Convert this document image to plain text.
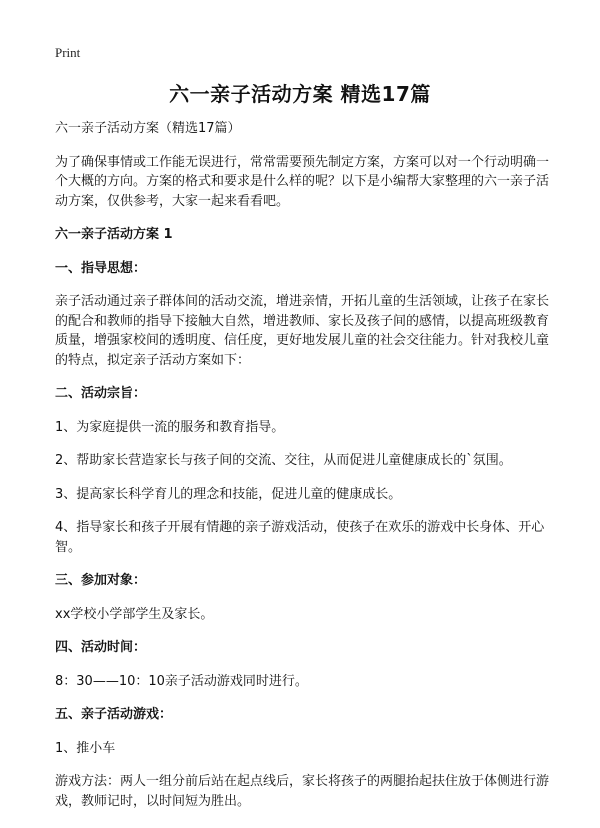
Print
六一亲子活动方案 精选17篇

六一亲子活动方案（精选17篇）

为了确保事情或工作能无误进行，常常需要预先制定方案，方案可以对一个行动明确一个大概的方向。方案的格式和要求是什么样的呢？以下是小编帮大家整理的六一亲子活动方案，仅供参考，大家一起来看看吧。

六一亲子活动方案 1

一、指导思想：

亲子活动通过亲子群体间的活动交流，增进亲情，开拓儿童的生活领域，让孩子在家长的配合和教师的指导下接触大自然，增进教师、家长及孩子间的感情，以提高班级教育质量，增强家校间的透明度、信任度，更好地发展儿童的社会交往能力。针对我校儿童的特点，拟定亲子活动方案如下：

二、活动宗旨：

1、为家庭提供一流的服务和教育指导。

2、帮助家长营造家长与孩子间的交流、交往，从而促进儿童健康成长的`氛围。

3、提高家长科学育儿的理念和技能，促进儿童的健康成长。

4、指导家长和孩子开展有情趣的亲子游戏活动，使孩子在欢乐的游戏中长身体、开心智。

三、参加对象：

xx学校小学部学生及家长。

四、活动时间：

8：30——10：10亲子活动游戏同时进行。

五、亲子活动游戏：

1、推小车

游戏方法：两人一组分前后站在起点线后，家长将孩子的两腿抬起扶住放于体侧进行游戏，教师记时，以时间短为胜出。
